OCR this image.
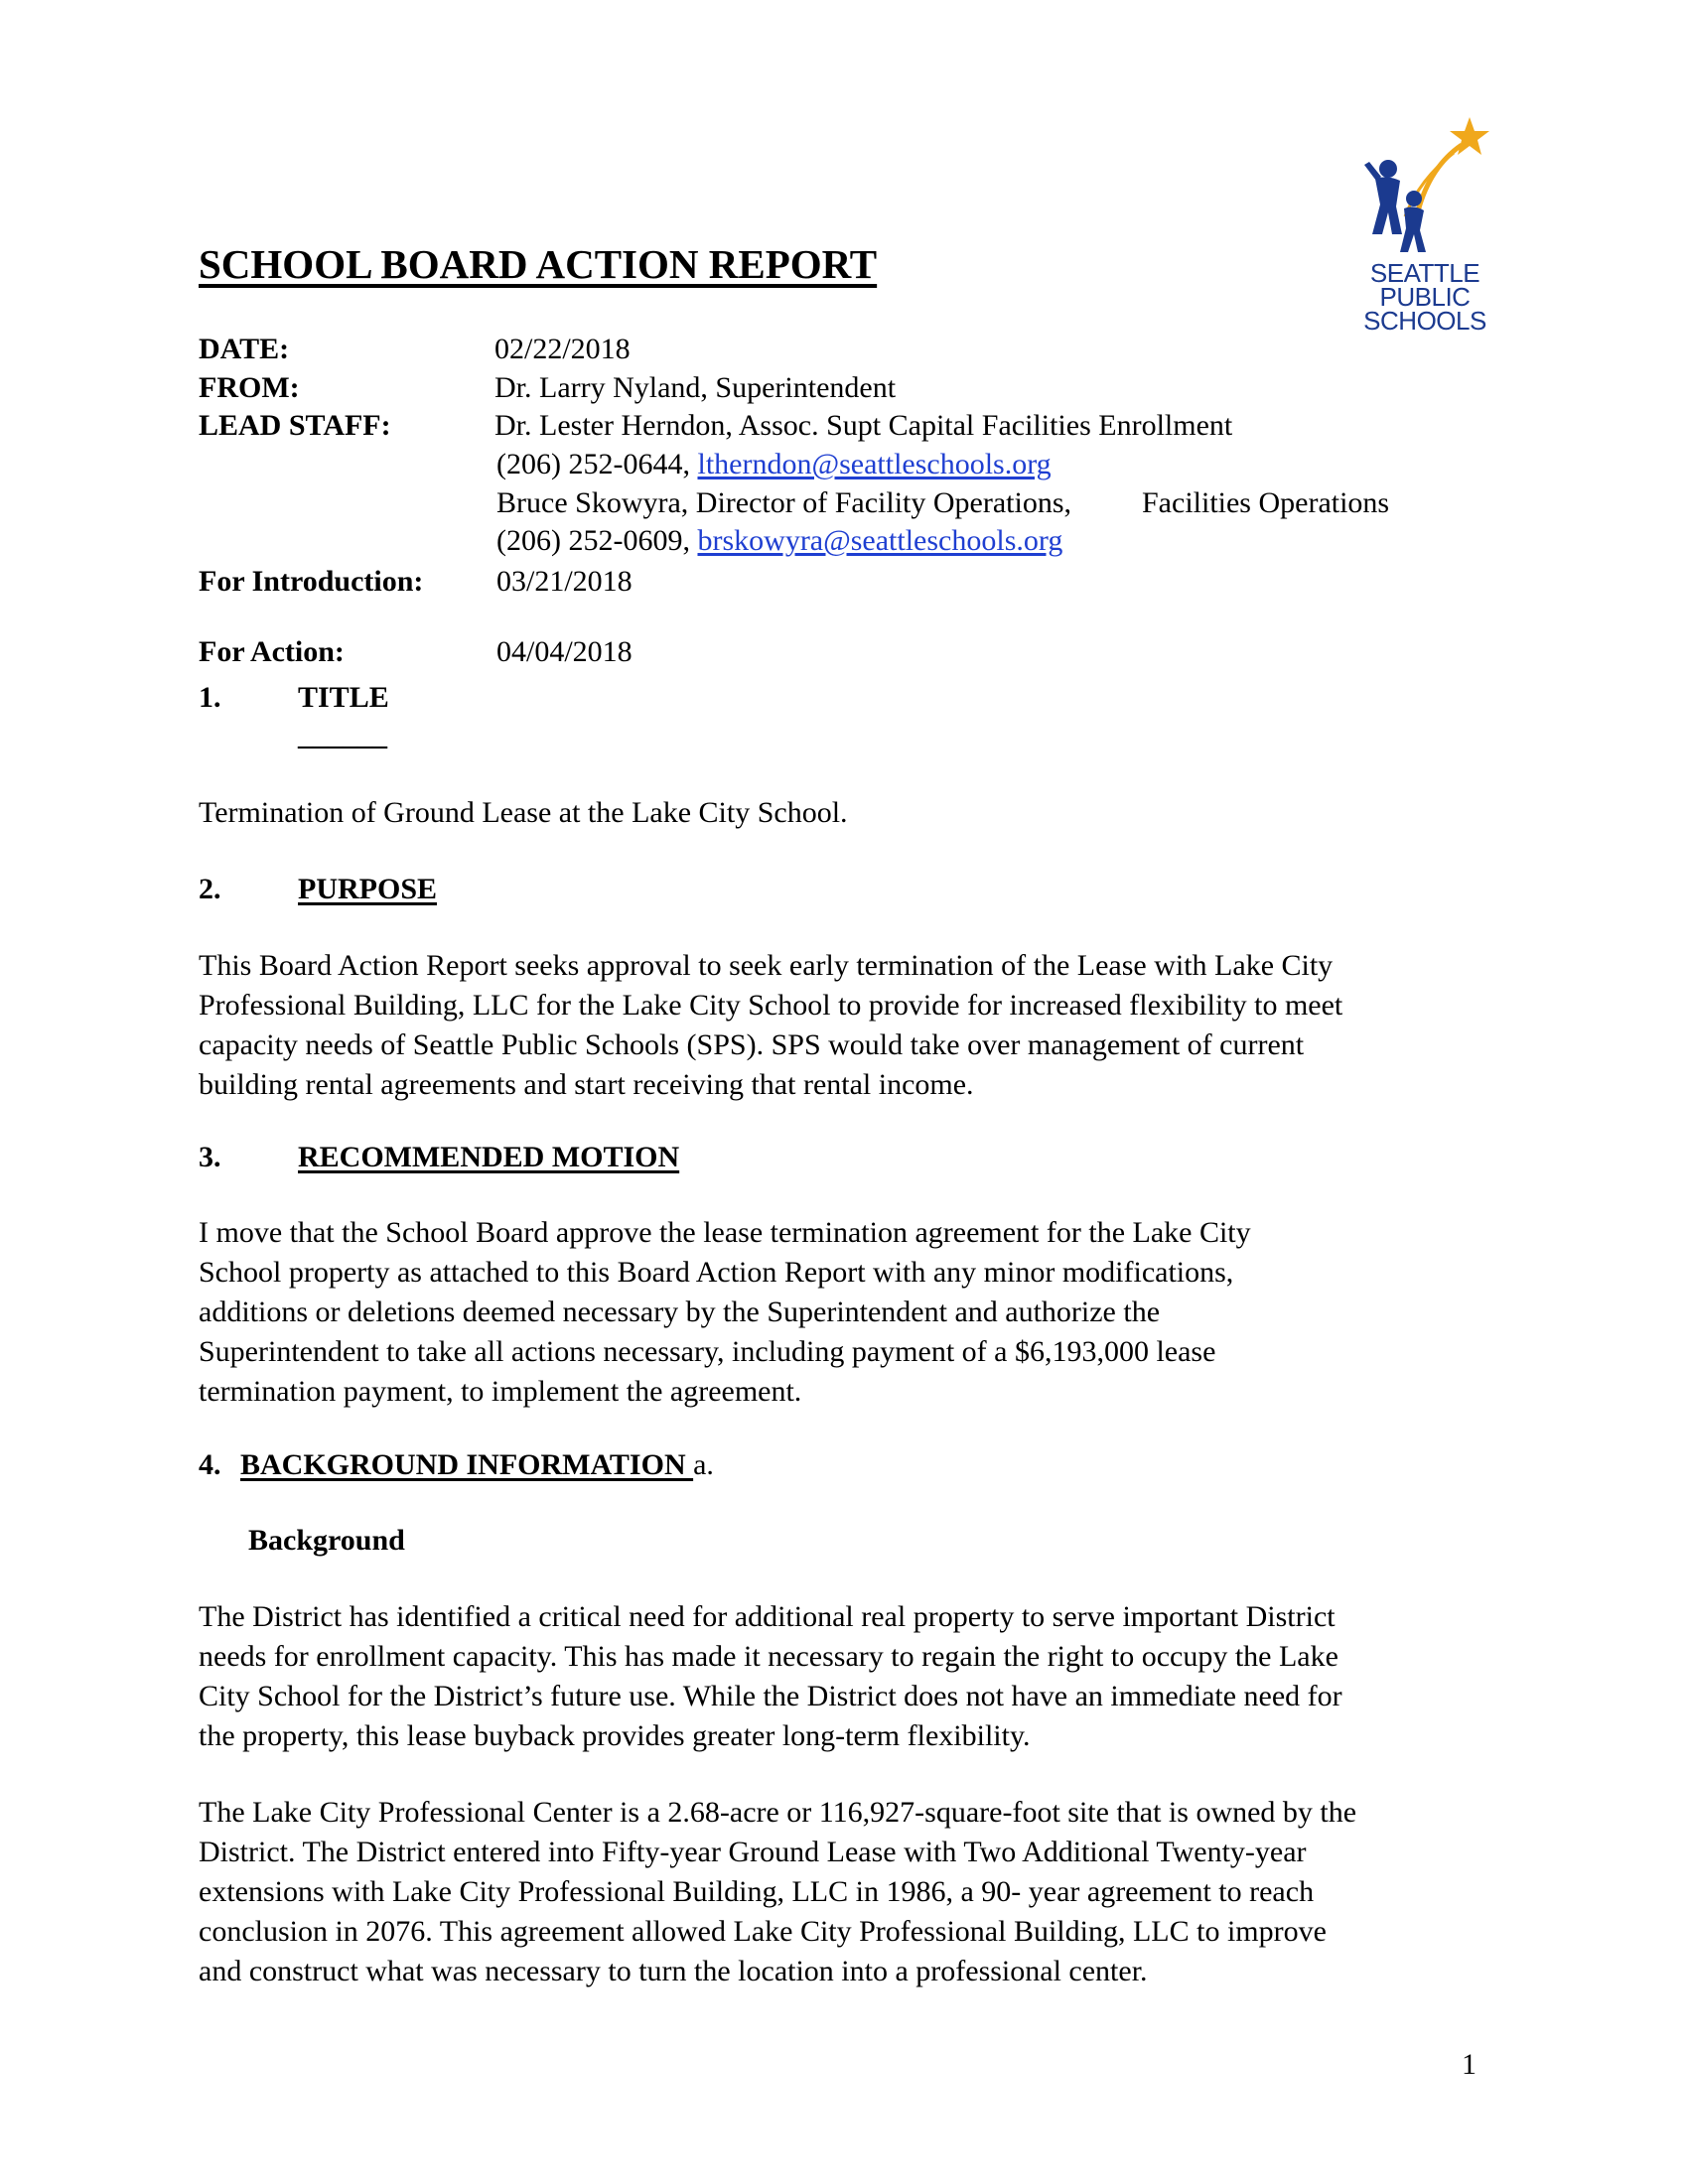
SEATTLE
PUBLIC
SCHOOLS
SCHOOL BOARD ACTION REPORT
DATE:	02/22/2018
FROM:	Dr. Larry Nyland, Superintendent
LEAD STAFF:	Dr. Lester Herndon, Assoc. Supt Capital Facilities Enrollment
(206) 252-0644, ltherndon@seattleschools.org
Bruce Skowyra, Director of Facility Operations, Facilities Operations
(206) 252-0609, brskowyra@seattleschools.org
For Introduction: 03/21/2018
For Action:	04/04/2018
1.	TITLE
______
Termination of Ground Lease at the Lake City School.
2.	PURPOSE
This Board Action Report seeks approval to seek early termination of the Lease with Lake City
Professional Building, LLC for the Lake City School to provide for increased flexibility to meet
capacity needs of Seattle Public Schools (SPS). SPS would take over management of current
building rental agreements and start receiving that rental income.
3.	RECOMMENDED MOTION
I move that the School Board approve the lease termination agreement for the Lake City
School property as attached to this Board Action Report with any minor modifications,
additions or deletions deemed necessary by the Superintendent and authorize the
Superintendent to take all actions necessary, including payment of a $6,193,000 lease
termination payment, to implement the agreement.
4. BACKGROUND INFORMATION a.
Background
The District has identified a critical need for additional real property to serve important District
needs for enrollment capacity. This has made it necessary to regain the right to occupy the Lake
City School for the District’s future use. While the District does not have an immediate need for
the property, this lease buyback provides greater long-term flexibility.
The Lake City Professional Center is a 2.68-acre or 116,927-square-foot site that is owned by the
District. The District entered into Fifty-year Ground Lease with Two Additional Twenty-year
extensions with Lake City Professional Building, LLC in 1986, a 90- year agreement to reach
conclusion in 2076. This agreement allowed Lake City Professional Building, LLC to improve
and construct what was necessary to turn the location into a professional center.
1
